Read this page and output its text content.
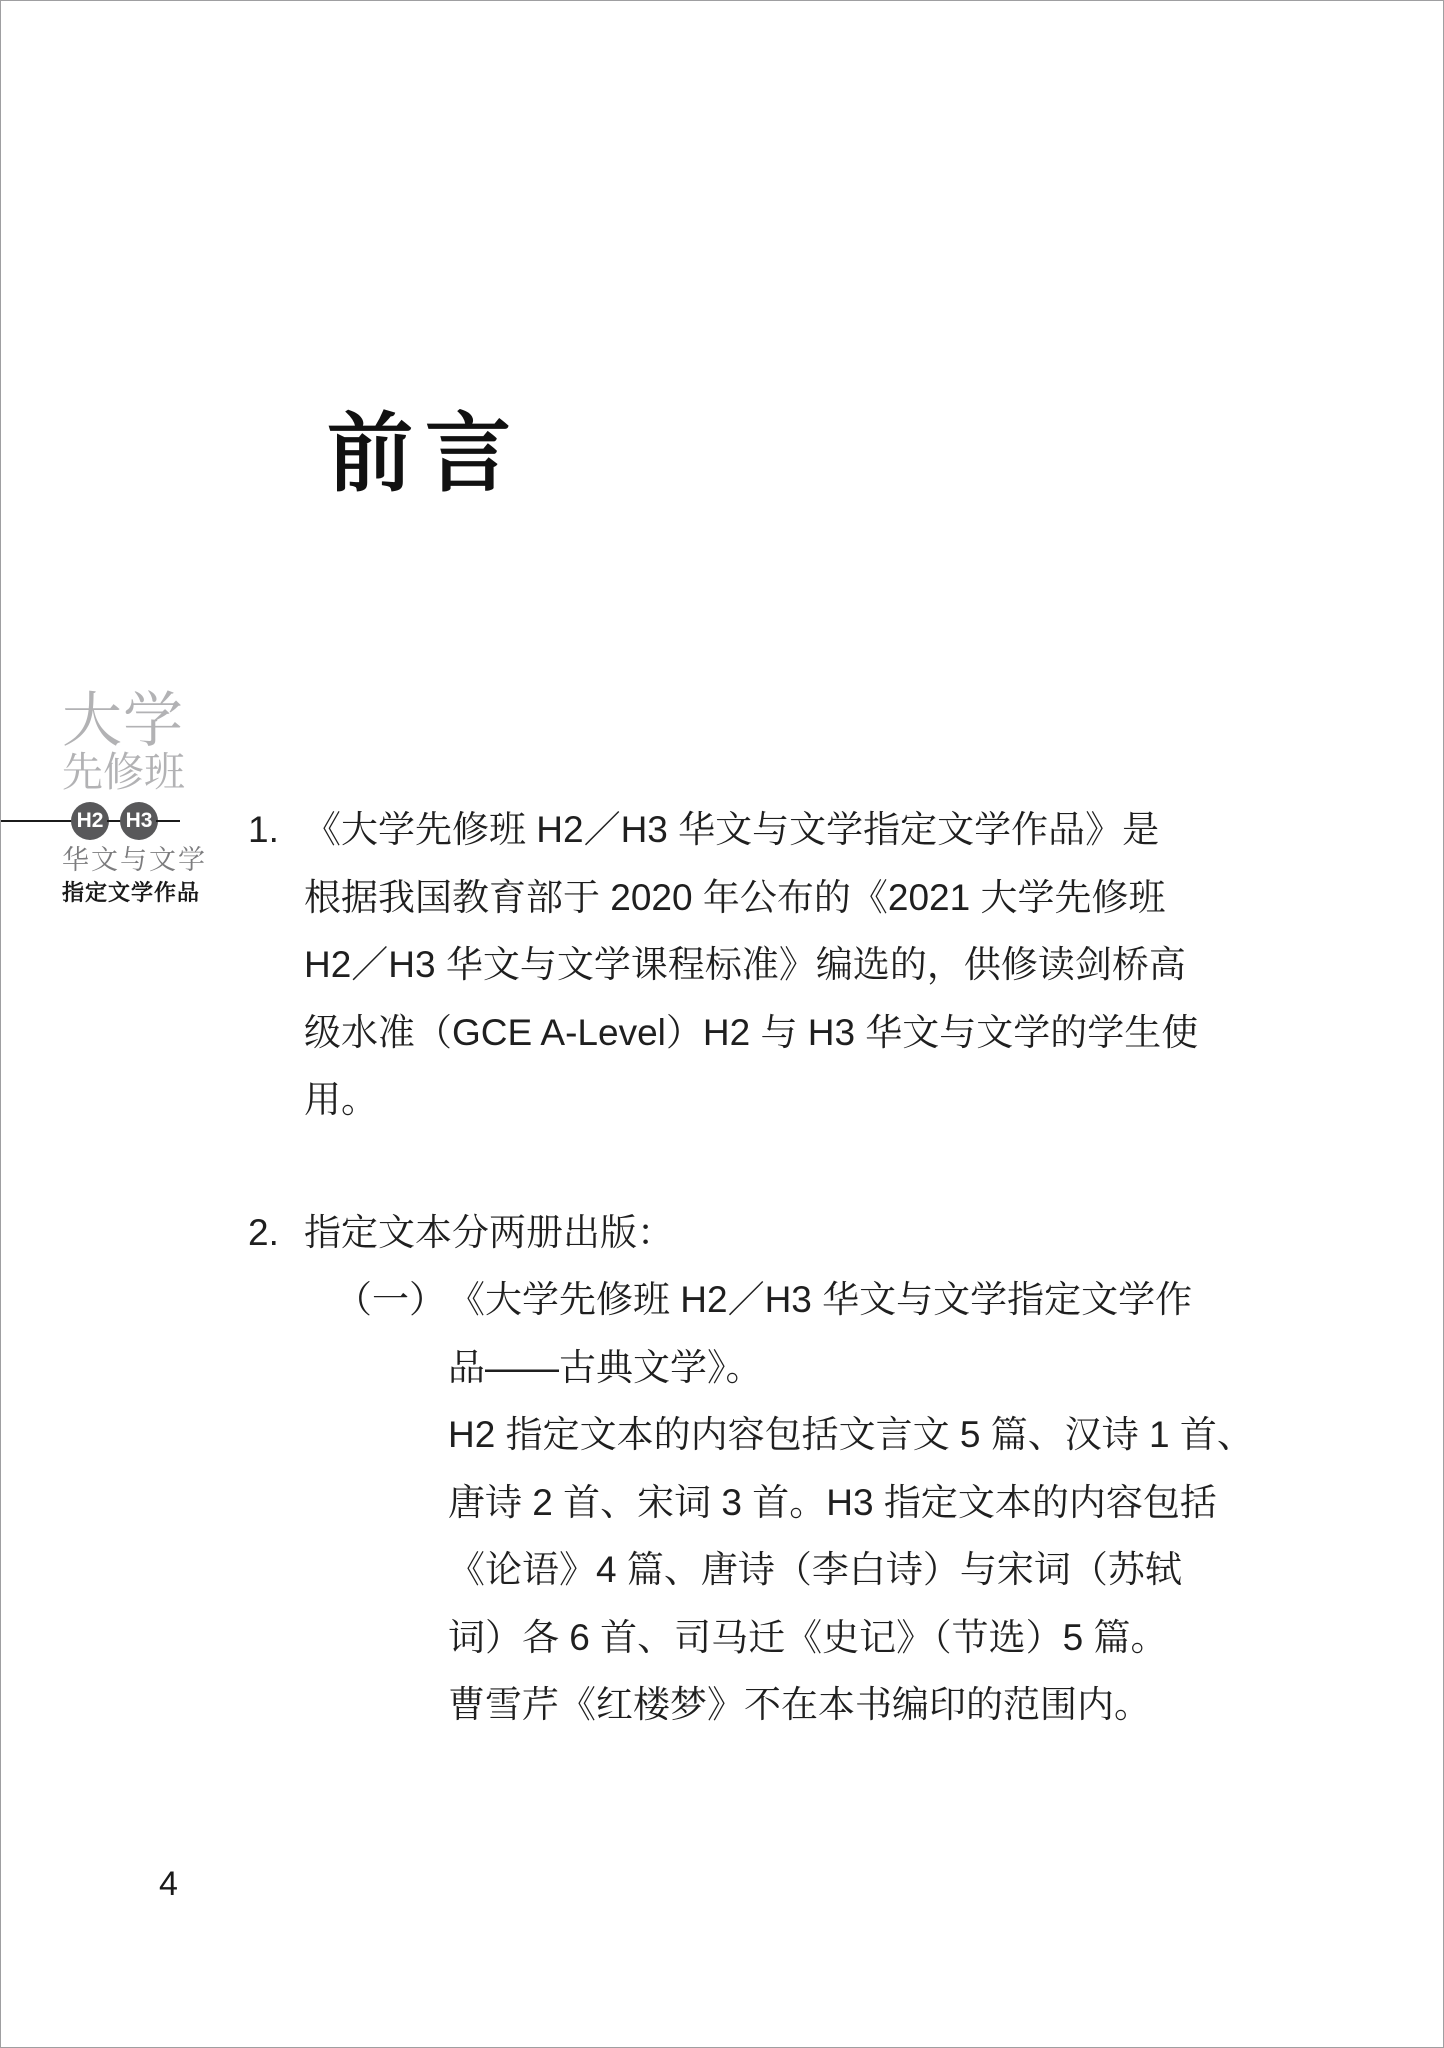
前言
大学
先修班
H2 H3
华文与文学
指定文学作品
1. 《大学先修班 H2／H3 华文与文学指定文学作品》是
根据我国教育部于 2020 年公布的《2021 大学先修班
H2／H3 华文与文学课程标准》编选的，供修读剑桥高
级水准（GCE A-Level）H2 与 H3 华文与文学的学生使
用。
2. 指定文本分两册出版：
（一） 《大学先修班 H2／H3 华文与文学指定文学作
品——古典文学》。
H2 指定文本的内容包括文言文 5 篇、汉诗 1 首、
唐诗 2 首、宋词 3 首。H3 指定文本的内容包括
《论语》4 篇、唐诗（李白诗）与宋词（苏轼
词）各 6 首、司马迁《史记》（节选）5 篇。
曹雪芹《红楼梦》不在本书编印的范围内。
4
